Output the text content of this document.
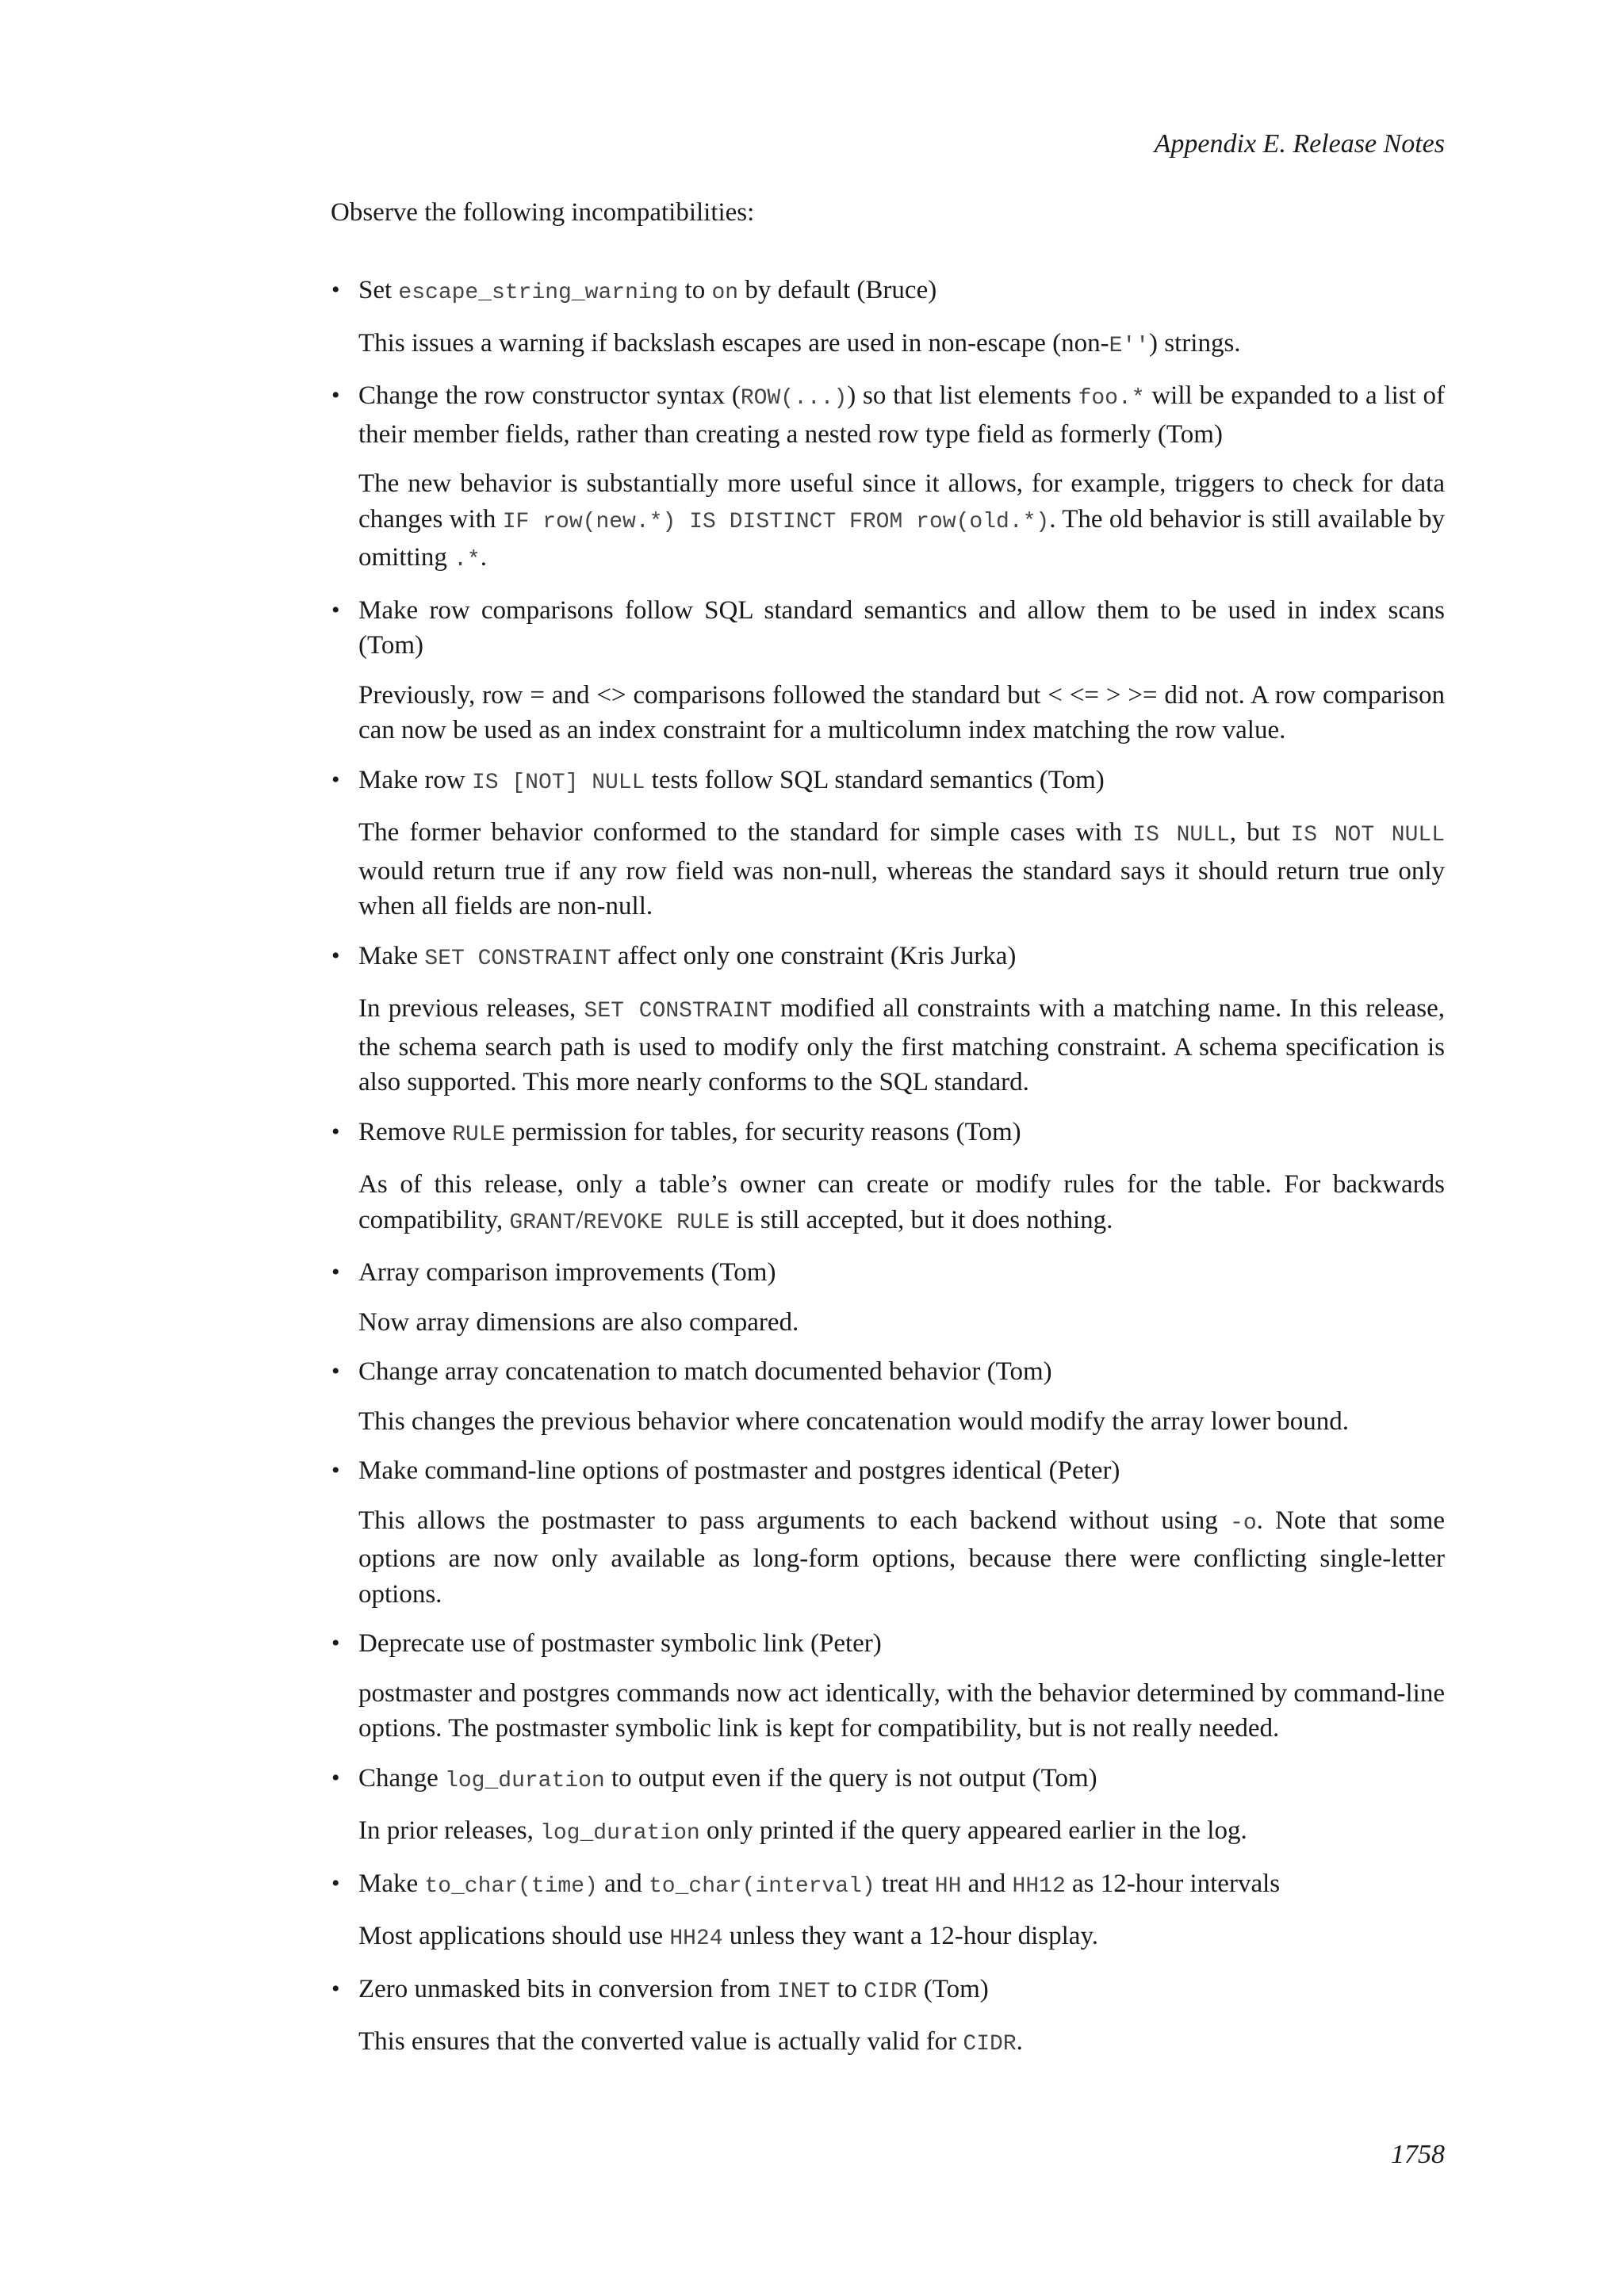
Appendix E. Release Notes

Observe the following incompatibilities:

• Set escape_string_warning to on by default (Bruce)

This issues a warning if backslash escapes are used in non-escape (non-E'') strings.

• Change the row constructor syntax (ROW(...)) so that list elements foo.* will be expanded to a list of their member fields, rather than creating a nested row type field as formerly (Tom)

The new behavior is substantially more useful since it allows, for example, triggers to check for data changes with IF row(new.*) IS DISTINCT FROM row(old.*). The old behavior is still available by omitting .*.

• Make row comparisons follow SQL standard semantics and allow them to be used in index scans (Tom)

Previously, row = and <> comparisons followed the standard but < <= > >= did not. A row comparison can now be used as an index constraint for a multicolumn index matching the row value.

• Make row IS [NOT] NULL tests follow SQL standard semantics (Tom)

The former behavior conformed to the standard for simple cases with IS NULL, but IS NOT NULL would return true if any row field was non-null, whereas the standard says it should return true only when all fields are non-null.

• Make SET CONSTRAINT affect only one constraint (Kris Jurka)

In previous releases, SET CONSTRAINT modified all constraints with a matching name. In this release, the schema search path is used to modify only the first matching constraint. A schema specification is also supported. This more nearly conforms to the SQL standard.

• Remove RULE permission for tables, for security reasons (Tom)

As of this release, only a table’s owner can create or modify rules for the table. For backwards compatibility, GRANT/REVOKE RULE is still accepted, but it does nothing.

• Array comparison improvements (Tom)

Now array dimensions are also compared.

• Change array concatenation to match documented behavior (Tom)

This changes the previous behavior where concatenation would modify the array lower bound.

• Make command-line options of postmaster and postgres identical (Peter)

This allows the postmaster to pass arguments to each backend without using -o. Note that some options are now only available as long-form options, because there were conflicting single-letter options.

• Deprecate use of postmaster symbolic link (Peter)

postmaster and postgres commands now act identically, with the behavior determined by command-line options. The postmaster symbolic link is kept for compatibility, but is not really needed.

• Change log_duration to output even if the query is not output (Tom)

In prior releases, log_duration only printed if the query appeared earlier in the log.

• Make to_char(time) and to_char(interval) treat HH and HH12 as 12-hour intervals

Most applications should use HH24 unless they want a 12-hour display.

• Zero unmasked bits in conversion from INET to CIDR (Tom)

This ensures that the converted value is actually valid for CIDR.

1758
